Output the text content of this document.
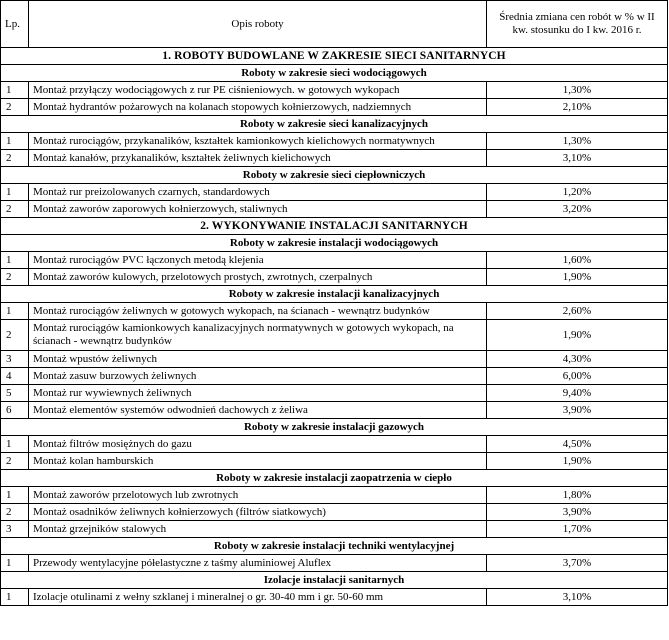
Lp.	Opis roboty	Średnia zmiana cen robót w % w II kw. stosunku do I kw. 2016 r.
1. ROBOTY BUDOWLANE W ZAKRESIE SIECI SANITARNYCH		
Roboty w zakresie sieci wodociągowych		
1	Montaż przyłączy wodociągowych z rur PE ciśnieniowych. w gotowych wykopach	1,30%
2	Montaż hydrantów pożarowych na kolanach stopowych kołnierzowych, nadziemnych	2,10%
Roboty w zakresie sieci kanalizacyjnych		
1	Montaż rurociągów, przykanalików, kształtek kamionkowych kielichowych normatywnych	1,30%
2	Montaż kanałów, przykanalików, kształtek żeliwnych kielichowych	3,10%
Roboty w zakresie sieci ciepłowniczych		
1	Montaż rur preizolowanych czarnych, standardowych	1,20%
2	Montaż zaworów zaporowych kołnierzowych, staliwnych	3,20%
2. WYKONYWANIE INSTALACJI SANITARNYCH		
Roboty w zakresie instalacji wodociągowych		
1	Montaż rurociągów PVC łączonych metodą klejenia	1,60%
2	Montaż zaworów kulowych, przelotowych prostych, zwrotnych, czerpalnych	1,90%
Roboty w zakresie instalacji kanalizacyjnych		
1	Montaż rurociągów żeliwnych w gotowych wykopach, na ścianach - wewnątrz budynków	2,60%
2	Montaż rurociągów kamionkowych kanalizacyjnych normatywnych w gotowych wykopach, na ścianach - wewnątrz budynków	1,90%
3	Montaż wpustów żeliwnych	4,30%
4	Montaż zasuw burzowych żeliwnych	6,00%
5	Montaż rur wywiewnych żeliwnych	9,40%
6	Montaż elementów systemów odwodnień dachowych z żeliwa	3,90%
Roboty w zakresie instalacji gazowych		
1	Montaż filtrów mosiężnych do gazu	4,50%
2	Montaż kolan hamburskich	1,90%
Roboty w zakresie instalacji zaopatrzenia w ciepło		
1	Montaż zaworów przelotowych lub zwrotnych	1,80%
2	Montaż osadników żeliwnych kołnierzowych (filtrów siatkowych)	3,90%
3	Montaż grzejników stalowych	1,70%
Roboty w zakresie instalacji techniki wentylacyjnej		
1	Przewody wentylacyjne półelastyczne z taśmy aluminiowej Aluflex	3,70%
Izolacje instalacji sanitarnych		
1	Izolacje otulinami z wełny szklanej i mineralnej o gr. 30-40 mm i gr. 50-60 mm	3,10%
